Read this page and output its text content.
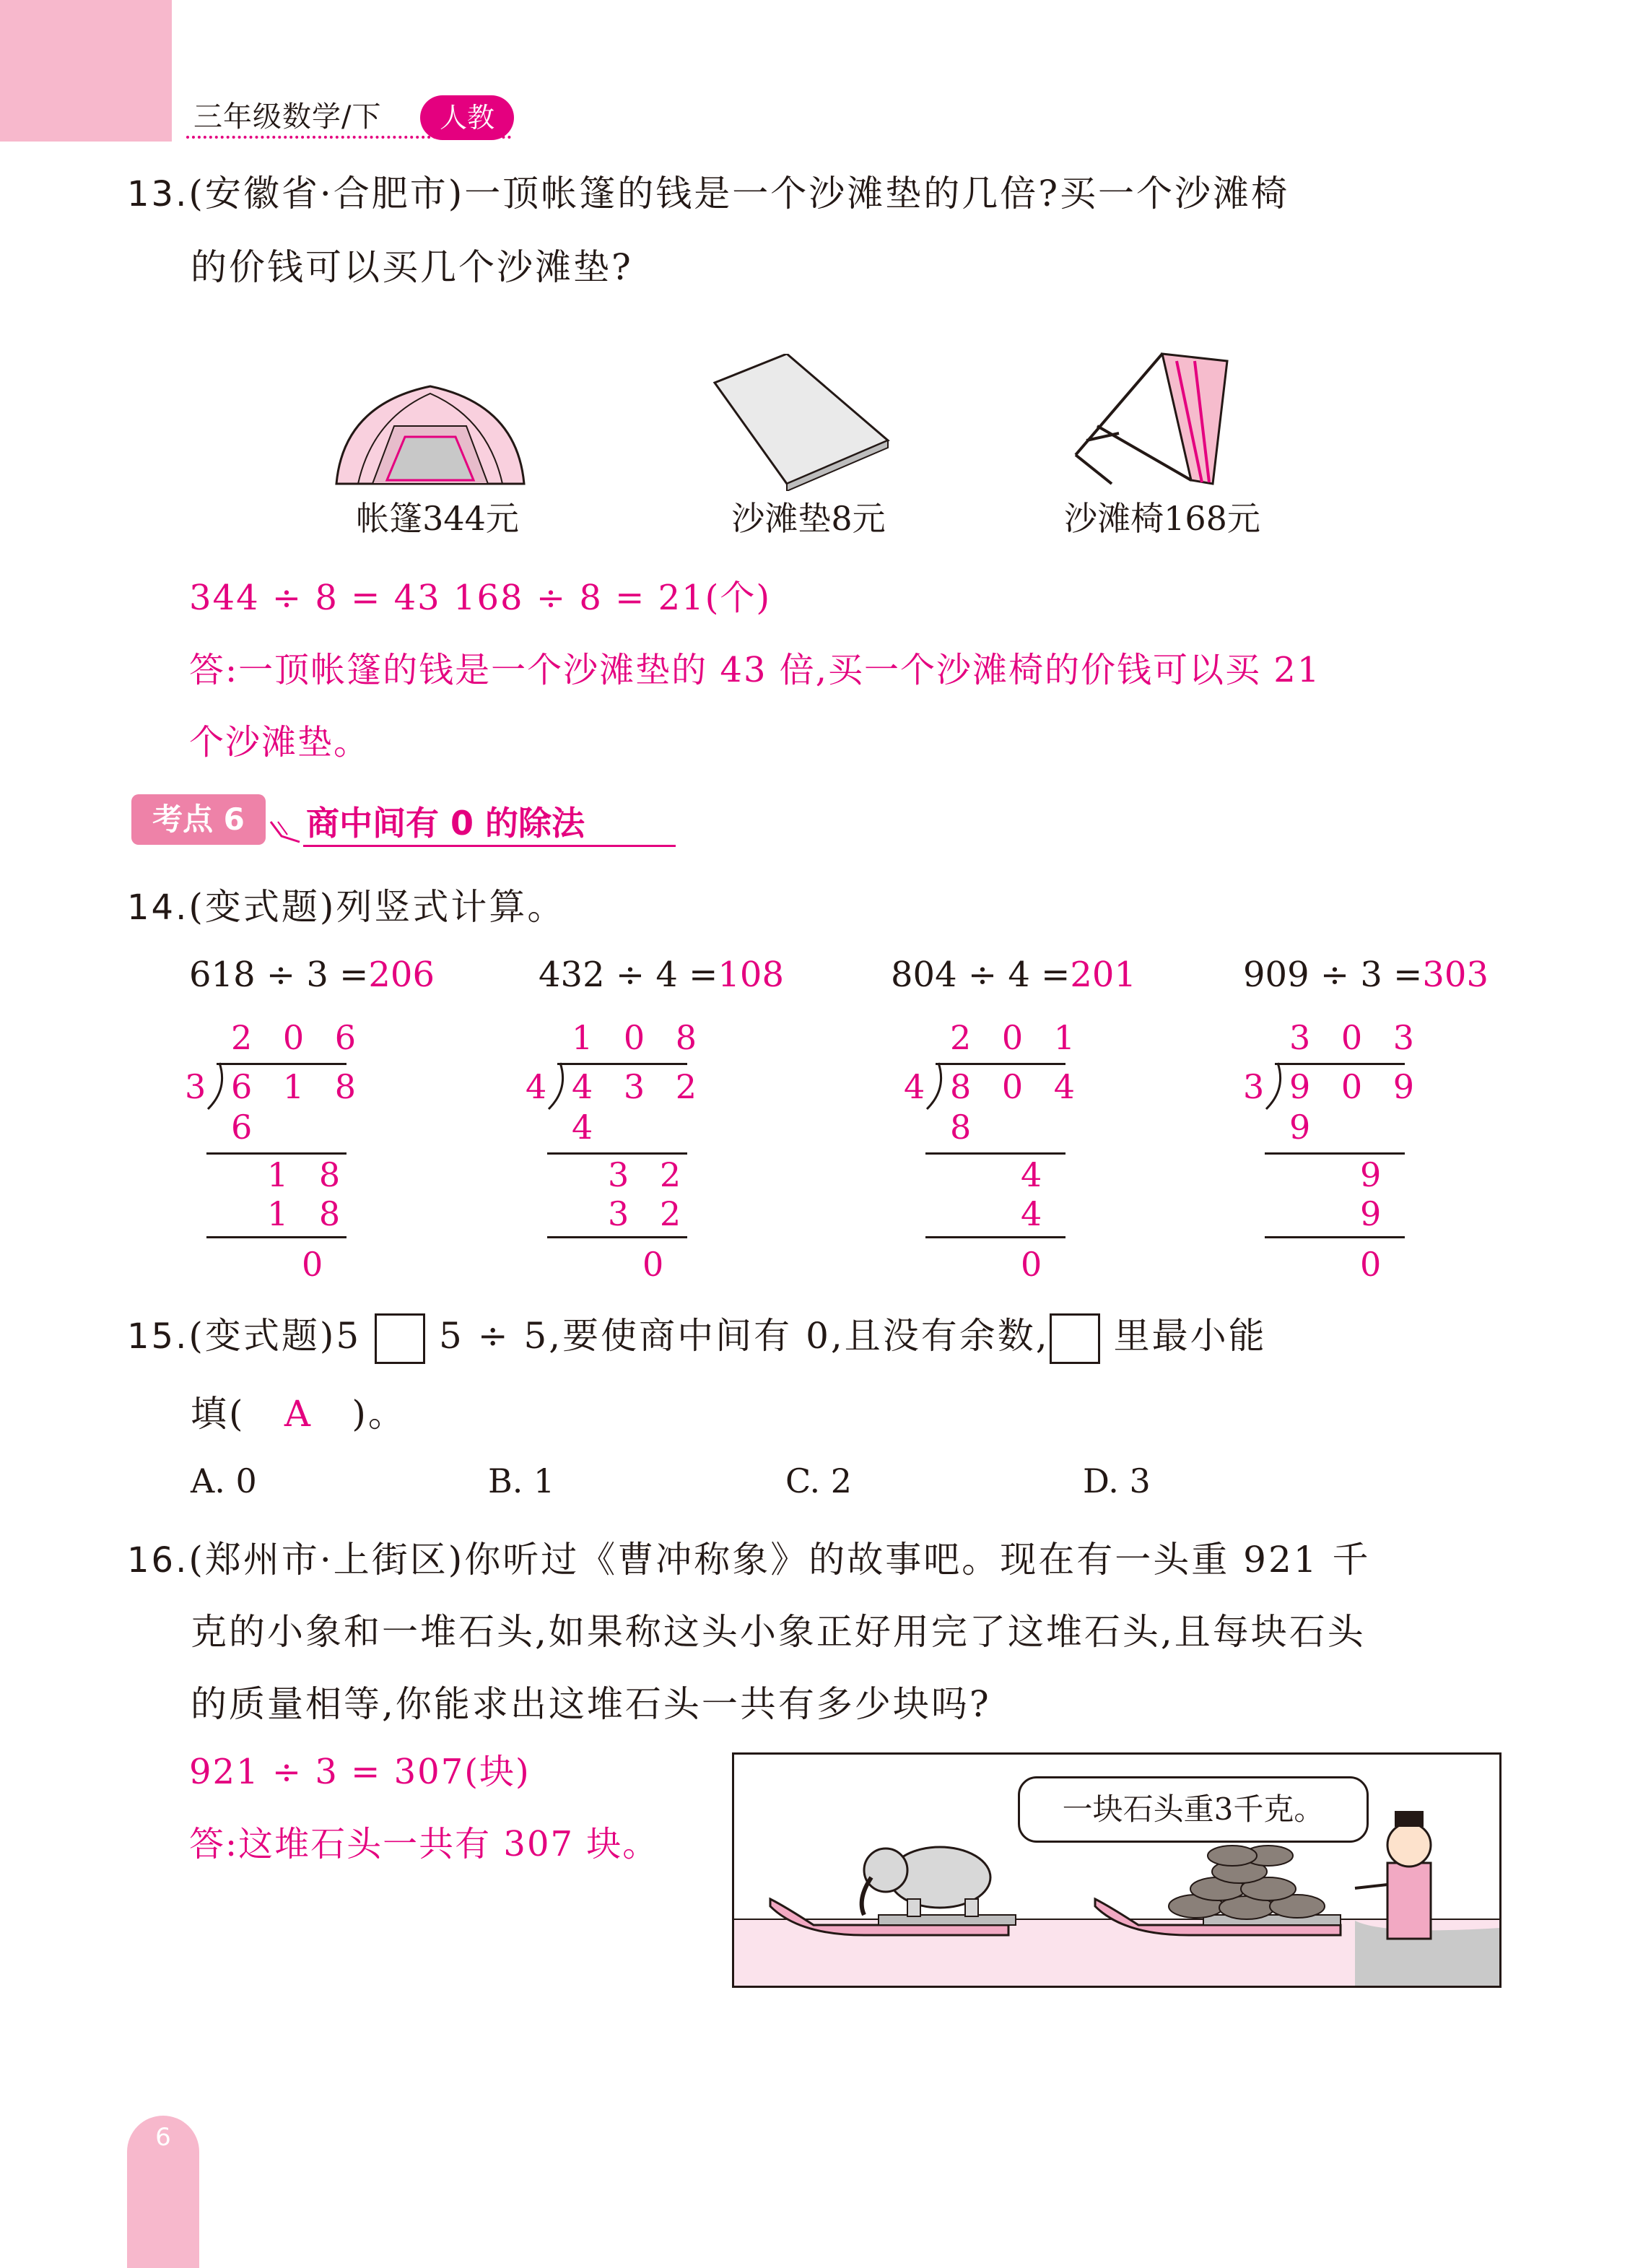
三年级数学/下	人教
13.(安徽省·合肥市)一顶帐篷的钱是一个沙滩垫的几倍?买一个沙滩椅
的价钱可以买几个沙滩垫?
帐篷344元	沙滩垫8元	沙滩椅168元
344 ÷ 8 = 43 168 ÷ 8 = 21(个)
答:一顶帐篷的钱是一个沙滩垫的 43 倍,买一个沙滩椅的价钱可以买 21
个沙滩垫。
考点 6	商中间有 0 的除法
14.(变式题)列竖式计算。
618 ÷ 3 =206
2 0 6
3 6 1 8
6
1 8
1 8
0
432 ÷ 4 =108
1 0 8
4 4 3 2
4
3 2
3 2
0
804 ÷ 4 =201
2 0 1
4 8 0 4
8
4
4
0
909 ÷ 3 =303
3 0 3
3 9 0 9
9
9
9
0
15.(变式题)5 5 ÷ 5,要使商中间有 0,且没有余数, 里最小能
填( A )。
A. 0	B. 1	C. 2	D. 3
16.(郑州市·上街区)你听过《曹冲称象》的故事吧。现在有一头重 921 千
克的小象和一堆石头,如果称这头小象正好用完了这堆石头,且每块石头
的质量相等,你能求出这堆石头一共有多少块吗?
921 ÷ 3 = 307(块)
答:这堆石头一共有 307 块。
一块石头重3千克。
6
